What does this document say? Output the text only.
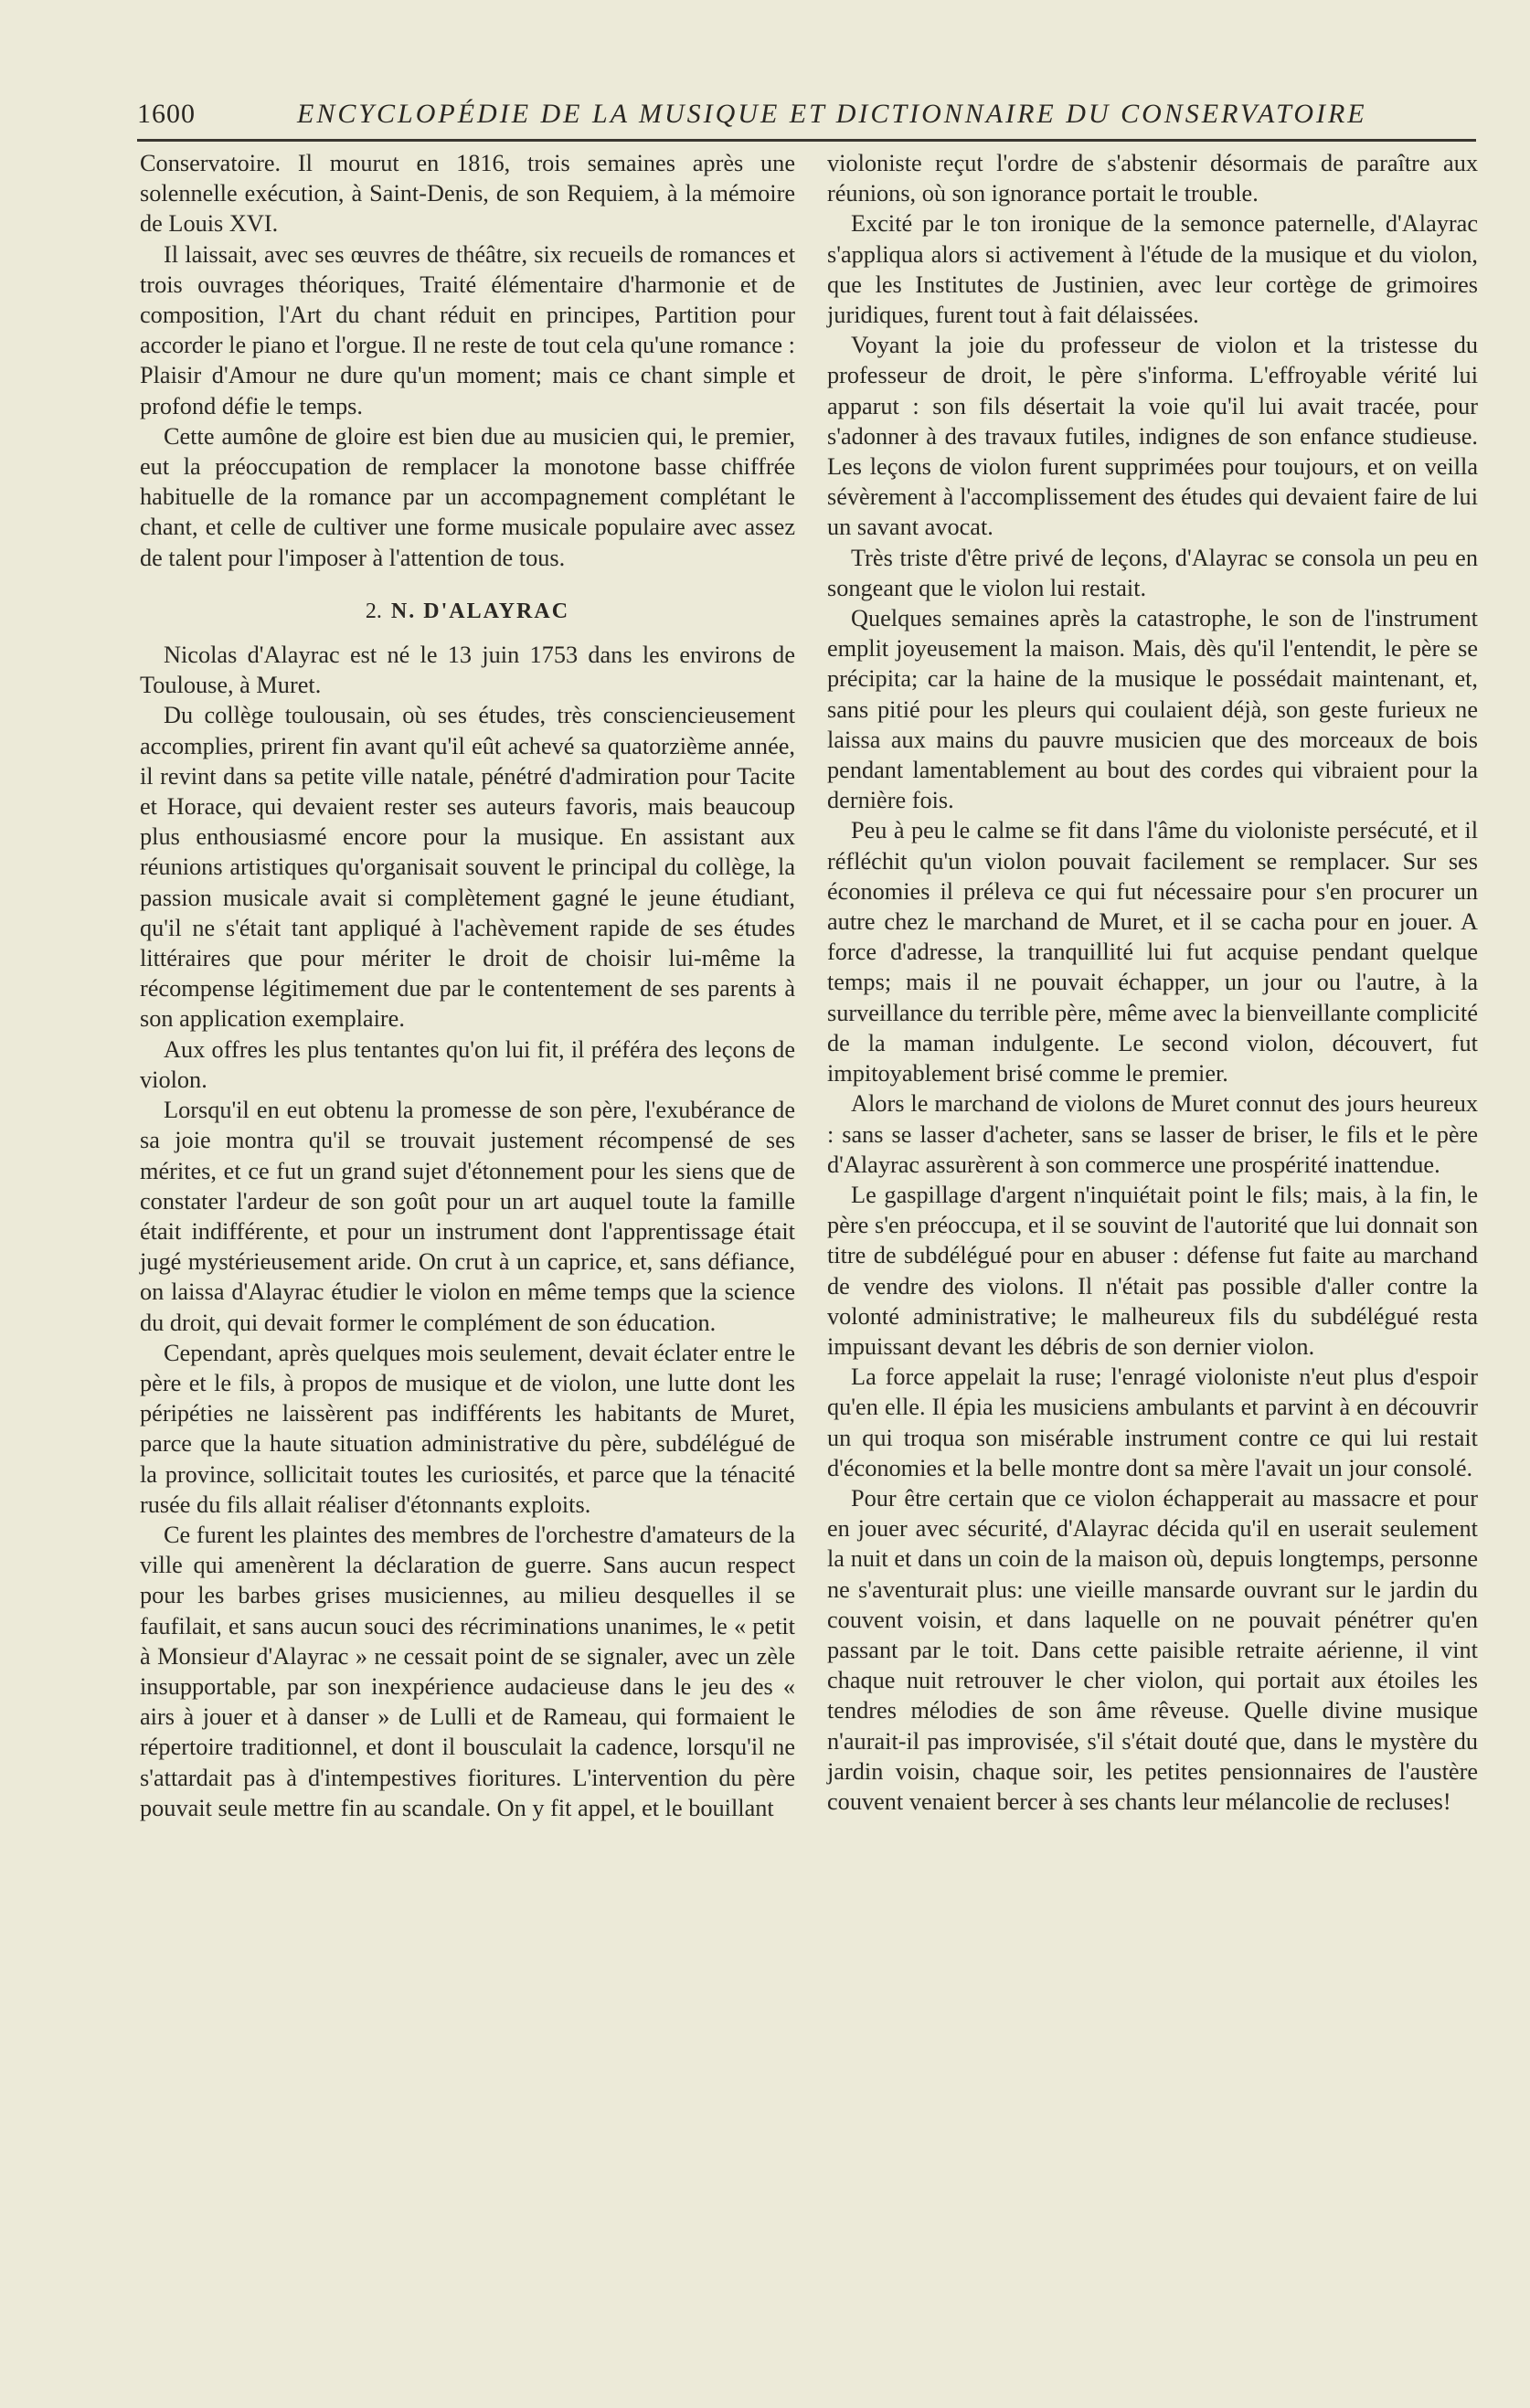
1600	ENCYCLOPÉDIE DE LA MUSIQUE ET DICTIONNAIRE DU CONSERVATOIRE

Conservatoire. Il mourut en 1816, trois semaines après une solennelle exécution, à Saint-Denis, de son Requiem, à la mémoire de Louis XVI.

Il laissait, avec ses œuvres de théâtre, six recueils de romances et trois ouvrages théoriques, Traité élémentaire d'harmonie et de composition, l'Art du chant réduit en principes, Partition pour accorder le piano et l'orgue. Il ne reste de tout cela qu'une romance : Plaisir d'Amour ne dure qu'un moment; mais ce chant simple et profond défie le temps.

Cette aumône de gloire est bien due au musicien qui, le premier, eut la préoccupation de remplacer la monotone basse chiffrée habituelle de la romance par un accompagnement complétant le chant, et celle de cultiver une forme musicale populaire avec assez de talent pour l'imposer à l'attention de tous.

2. N. D'ALAYRAC

Nicolas d'Alayrac est né le 13 juin 1753 dans les environs de Toulouse, à Muret.

Du collège toulousain, où ses études, très consciencieusement accomplies, prirent fin avant qu'il eût achevé sa quatorzième année, il revint dans sa petite ville natale, pénétré d'admiration pour Tacite et Horace, qui devaient rester ses auteurs favoris, mais beaucoup plus enthousiasmé encore pour la musique. En assistant aux réunions artistiques qu'organisait souvent le principal du collège, la passion musicale avait si complètement gagné le jeune étudiant, qu'il ne s'était tant appliqué à l'achèvement rapide de ses études littéraires que pour mériter le droit de choisir lui-même la récompense légitimement due par le contentement de ses parents à son application exemplaire.

Aux offres les plus tentantes qu'on lui fit, il préféra des leçons de violon.

Lorsqu'il en eut obtenu la promesse de son père, l'exubérance de sa joie montra qu'il se trouvait justement récompensé de ses mérites, et ce fut un grand sujet d'étonnement pour les siens que de constater l'ardeur de son goût pour un art auquel toute la famille était indifférente, et pour un instrument dont l'apprentissage était jugé mystérieusement aride. On crut à un caprice, et, sans défiance, on laissa d'Alayrac étudier le violon en même temps que la science du droit, qui devait former le complément de son éducation.

Cependant, après quelques mois seulement, devait éclater entre le père et le fils, à propos de musique et de violon, une lutte dont les péripéties ne laissèrent pas indifférents les habitants de Muret, parce que la haute situation administrative du père, subdélégué de la province, sollicitait toutes les curiosités, et parce que la ténacité rusée du fils allait réaliser d'étonnants exploits.

Ce furent les plaintes des membres de l'orchestre d'amateurs de la ville qui amenèrent la déclaration de guerre. Sans aucun respect pour les barbes grises musiciennes, au milieu desquelles il se faufilait, et sans aucun souci des récriminations unanimes, le « petit à Monsieur d'Alayrac » ne cessait point de se signaler, avec un zèle insupportable, par son inexpérience audacieuse dans le jeu des « airs à jouer et à danser » de Lulli et de Rameau, qui formaient le répertoire traditionnel, et dont il bousculait la cadence, lorsqu'il ne s'attardait pas à d'intempestives fioritures. L'intervention du père pouvait seule mettre fin au scandale. On y fit appel, et le bouillant

violoniste reçut l'ordre de s'abstenir désormais de paraître aux réunions, où son ignorance portait le trouble.

Excité par le ton ironique de la semonce paternelle, d'Alayrac s'appliqua alors si activement à l'étude de la musique et du violon, que les Institutes de Justinien, avec leur cortège de grimoires juridiques, furent tout à fait délaissées.

Voyant la joie du professeur de violon et la tristesse du professeur de droit, le père s'informa. L'effroyable vérité lui apparut : son fils désertait la voie qu'il lui avait tracée, pour s'adonner à des travaux futiles, indignes de son enfance studieuse. Les leçons de violon furent supprimées pour toujours, et on veilla sévèrement à l'accomplissement des études qui devaient faire de lui un savant avocat.

Très triste d'être privé de leçons, d'Alayrac se consola un peu en songeant que le violon lui restait.

Quelques semaines après la catastrophe, le son de l'instrument emplit joyeusement la maison. Mais, dès qu'il l'entendit, le père se précipita; car la haine de la musique le possédait maintenant, et, sans pitié pour les pleurs qui coulaient déjà, son geste furieux ne laissa aux mains du pauvre musicien que des morceaux de bois pendant lamentablement au bout des cordes qui vibraient pour la dernière fois.

Peu à peu le calme se fit dans l'âme du violoniste persécuté, et il réfléchit qu'un violon pouvait facilement se remplacer. Sur ses économies il préleva ce qui fut nécessaire pour s'en procurer un autre chez le marchand de Muret, et il se cacha pour en jouer. A force d'adresse, la tranquillité lui fut acquise pendant quelque temps; mais il ne pouvait échapper, un jour ou l'autre, à la surveillance du terrible père, même avec la bienveillante complicité de la maman indulgente. Le second violon, découvert, fut impitoyablement brisé comme le premier.

Alors le marchand de violons de Muret connut des jours heureux : sans se lasser d'acheter, sans se lasser de briser, le fils et le père d'Alayrac assurèrent à son commerce une prospérité inattendue.

Le gaspillage d'argent n'inquiétait point le fils; mais, à la fin, le père s'en préoccupa, et il se souvint de l'autorité que lui donnait son titre de subdélégué pour en abuser : défense fut faite au marchand de vendre des violons. Il n'était pas possible d'aller contre la volonté administrative; le malheureux fils du subdélégué resta impuissant devant les débris de son dernier violon.

La force appelait la ruse; l'enragé violoniste n'eut plus d'espoir qu'en elle. Il épia les musiciens ambulants et parvint à en découvrir un qui troqua son misérable instrument contre ce qui lui restait d'économies et la belle montre dont sa mère l'avait un jour consolé.

Pour être certain que ce violon échapperait au massacre et pour en jouer avec sécurité, d'Alayrac décida qu'il en userait seulement la nuit et dans un coin de la maison où, depuis longtemps, personne ne s'aventurait plus: une vieille mansarde ouvrant sur le jardin du couvent voisin, et dans laquelle on ne pouvait pénétrer qu'en passant par le toit. Dans cette paisible retraite aérienne, il vint chaque nuit retrouver le cher violon, qui portait aux étoiles les tendres mélodies de son âme rêveuse. Quelle divine musique n'aurait-il pas improvisée, s'il s'était douté que, dans le mystère du jardin voisin, chaque soir, les petites pensionnaires de l'austère couvent venaient bercer à ses chants leur mélancolie de recluses!
